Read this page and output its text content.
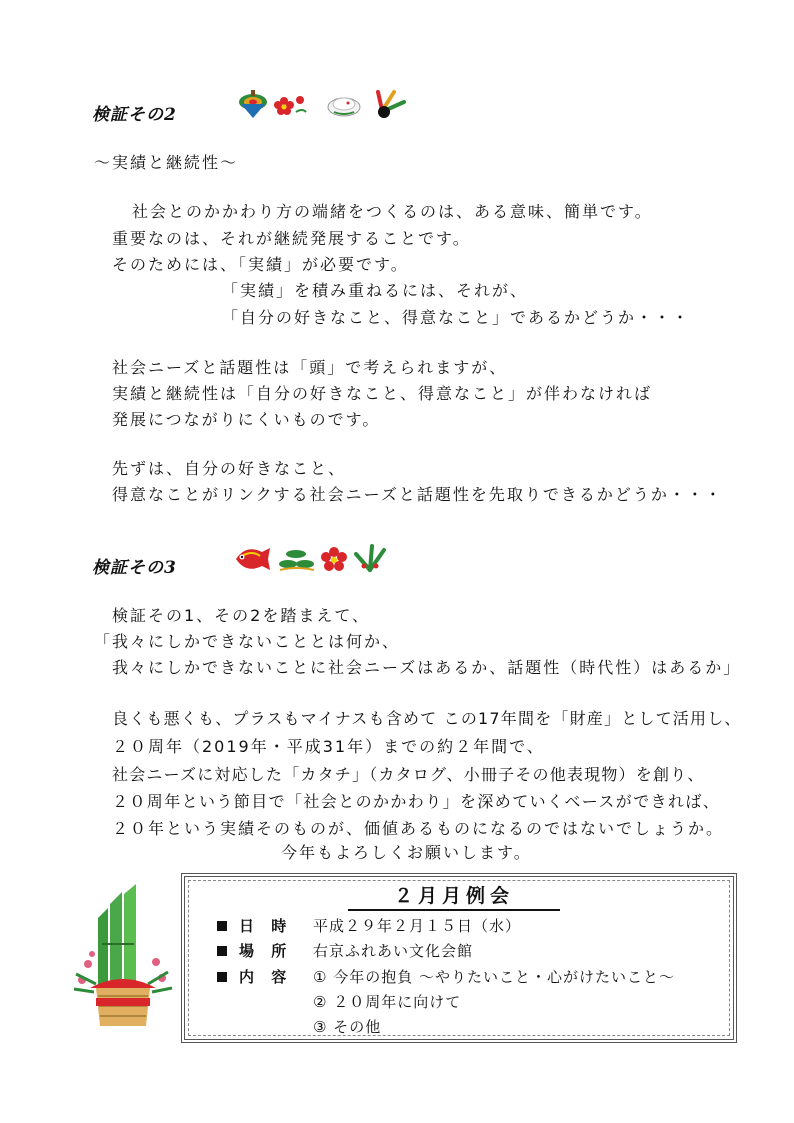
検証その2
～実績と継続性～
社会とのかかわり方の端緒をつくるのは、ある意味、簡単です。
重要なのは、それが継続発展することです。
そのためには、「実績」が必要です。
「実績」を積み重ねるには、それが、
「自分の好きなこと、得意なこと」であるかどうか・・・
社会ニーズと話題性は「頭」で考えられますが、
実績と継続性は「自分の好きなこと、得意なこと」が伴わなければ
発展につながりにくいものです。
先ずは、自分の好きなこと、
得意なことがリンクする社会ニーズと話題性を先取りできるかどうか・・・
検証その3
検証その1、その2を踏まえて、
「我々にしかできないこととは何か、
我々にしかできないことに社会ニーズはあるか、話題性（時代性）はあるか」
良くも悪くも、プラスもマイナスも含めて この17年間を「財産」として活用し、
２０周年（2019年・平成31年）までの約２年間で、
社会ニーズに対応した「カタチ」（カタログ、小冊子その他表現物）を創り、
２０周年という節目で「社会とのかかわり」を深めていくベースができれば、
２０年という実績そのものが、価値あるものになるのではないでしょうか。
今年もよろしくお願いします。
２月月例会
日 時 平成２９年２月１５日（水）
場 所 右京ふれあい文化会館
内 容 ① 今年の抱負 ～やりたいこと・心がけたいこと～
② ２０周年に向けて
③ その他
